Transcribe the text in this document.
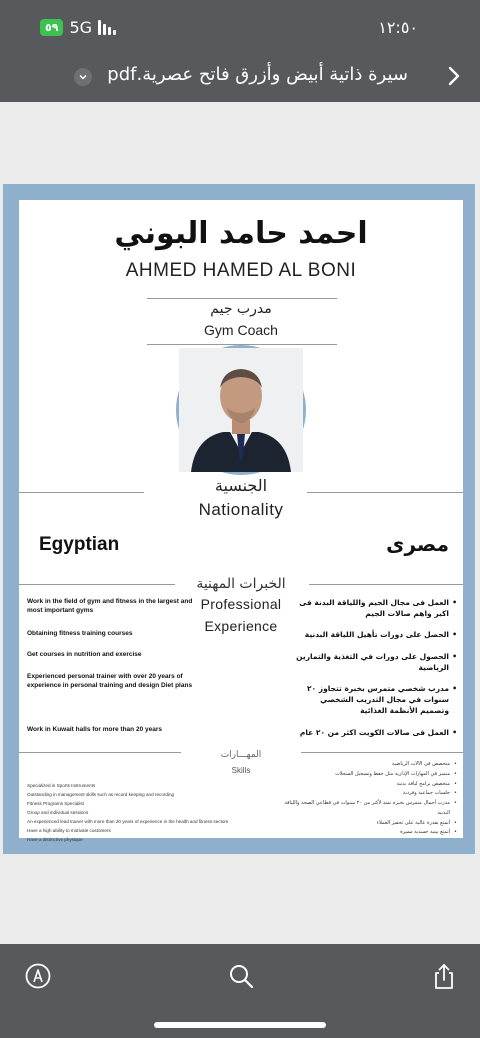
٥٩ 5G	١٢:٥٠
سيرة ذاتية أبيض وأزرق فاتح عصرية.pdf
احمد حامد البوني
AHMED HAMED AL BONI
مدرب جيم
Gym Coach
الجنسية
Nationality
Egyptian	مصرى
الخبرات المهنية
Professional
Experience
Work in the field of gym and fitness in the largest and most important gyms
Obtaining fitness training courses
Get courses in nutrition and exercise
Experienced personal trainer with over 20 years of experience in personal training and design Diet plans
Work in Kuwait halls for more than 20 years
• العمل فى مجال الجيم واللياقة البدنة فى اكبر واهم صالات الجيم
• الحصل على دورات تأهيل اللياقة البدنية
• الحصول على دورات في التغذية والتمارين الرياضية
• مدرب شخصي متمرس بخبرة تتجاوز ٢٠ سنوات في مجال التدريب الشخصي وتصميم الأنظمة الغذائية
• العمل فى صالات الكويت اكثر من ٢٠ عام
المهـــارات
Skills
Specialized in Sports Instruments
Outstanding in management skills such as record keeping and recording
Fitness Programs Specialist
Group and individual sessions
An experienced lead trainer with more than 20 years of experience in the health and fitness sectors
Have a high ability to motivate customers
Have a distinctive physique
• متخصص في الآلات الرياضية
• متميز في المهارات الإدارية مثل حفظ وتسجيل السجلات
• متخصص برامج لياقة بدنية
• جلسات جماعية وفردية
• مدرب أحمال متمرس بخبرة تمتد لأكثر من ٢٠ سنوات في قطاعي الصحة واللياقة البدنية
• أتمتع بقدرة عالية على تحفيز العملاء
• أتمتع ببنية جسدية مميزة
